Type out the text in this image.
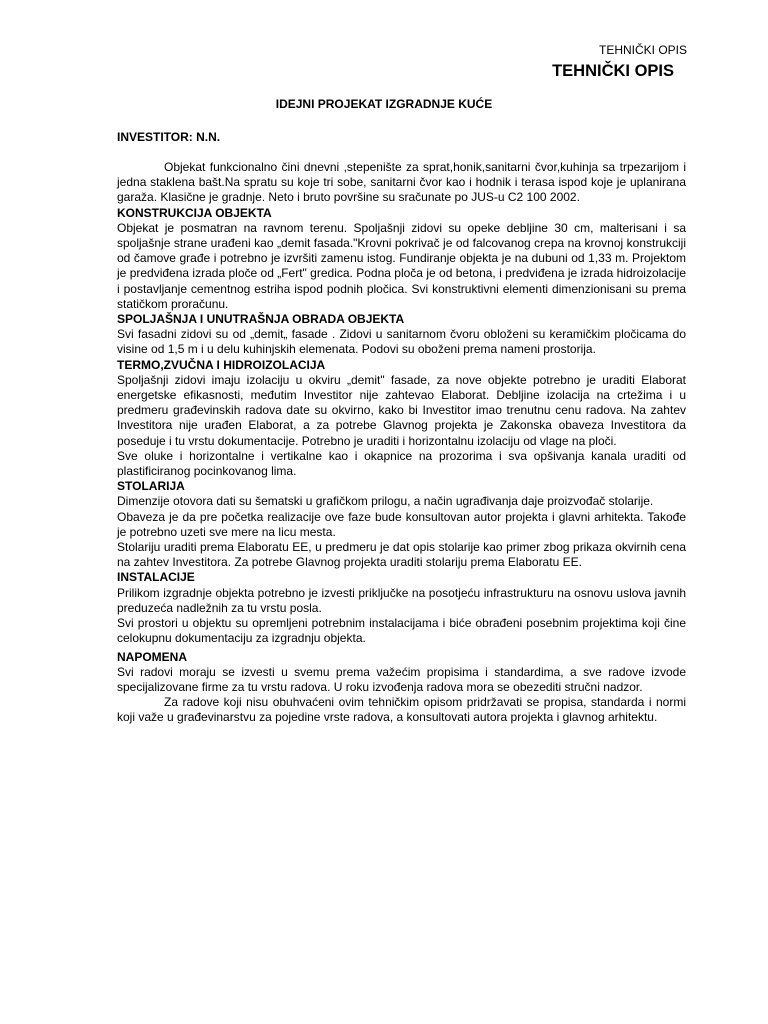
TEHNIČKI OPIS
TEHNIČKI OPIS
IDEJNI PROJEKAT IZGRADNJE KUĆE
INVESTITOR: N.N.

Objekat funkcionalno čini dnevni ,stepenište za sprat,honik,sanitarni čvor,kuhinja sa trpezarijom i jedna staklena bašt.Na spratu su koje tri sobe, sanitarni čvor kao i hodnik i terasa ispod koje je uplanirana garaža. Klasične je gradnje. Neto i bruto površine su sračunate po JUS-u C2 100 2002.

KONSTRUKCIJA OBJEKTA

Objekat je posmatran na ravnom terenu. Spoljašnji zidovi su opeke debljine 30 cm, malterisani i sa spoljašnje strane urađeni kao „demit fasada."Krovni pokrivač je od falcovanog crepa na krovnoj konstrukciji od čamove građe i potrebno je izvršiti zamenu istog. Fundiranje objekta je na dubuni od 1,33 m. Projektom je predviđena izrada ploče od „Fert" gredica. Podna ploča je od betona, i predviđena je izrada hidroizolacije i postavljanje cementnog estriha ispod podnih pločica. Svi konstruktivni elementi dimenzionisani su prema statičkom proračunu.

SPOLJAŠNJA I UNUTRAŠNJA OBRADA OBJEKTA

Svi fasadni zidovi su od „demit„ fasade . Zidovi u sanitarnom čvoru obloženi su keramičkim pločicama do visine od 1,5 m i u delu kuhinjskih elemenata. Podovi su oboženi prema nameni prostorija.

TERMO,ZVUČNA I HIDROIZOLACIJA

Spoljašnji zidovi imaju izolaciju u okviru „demit" fasade, za nove objekte potrebno je uraditi Elaborat energetske efikasnosti, međutim Investitor nije zahtevao Elaborat. Debljine izolacija na crtežima i u predmeru građevinskih radova date su okvirno, kako bi Investitor imao trenutnu cenu radova. Na zahtev Investitora nije urađen Elaborat, a za potrebe Glavnog projekta je Zakonska obaveza Investitora da poseduje i tu vrstu dokumentacije. Potrebno je uraditi i horizontalnu izolaciju od vlage na ploči.

Sve oluke i horizontalne i vertikalne kao i okapnice na prozorima i sva opšivanja kanala uraditi od plastificiranog pocinkovanog lima.

STOLARIJA

Dimenzije otovora dati su šematski u grafičkom prilogu, a način ugrađivanja daje proizvođač stolarije.

Obaveza je da pre početka realizacije ove faze bude konsultovan autor projekta i glavni arhitekta. Takođe je potrebno uzeti sve mere na licu mesta.

Stolariju uraditi prema Elaboratu EE, u predmeru je dat opis stolarije kao primer zbog prikaza okvirnih cena na zahtev Investitora. Za potrebe Glavnog projekta uraditi stolariju prema Elaboratu EE.

INSTALACIJE

Prilikom izgradnje objekta potrebno je izvesti priključke na posotjeću infrastrukturu na osnovu uslova javnih preduzeća nadležnih za tu vrstu posla.

Svi prostori u objektu su opremljeni potrebnim instalacijama i biće obrađeni posebnim projektima koji čine celokupnu dokumentaciju za izgradnju objekta.

NAPOMENA

Svi radovi moraju se izvesti u svemu prema važećim propisima i standardima, a sve radove izvode specijalizovane firme za tu vrstu radova. U roku izvođenja radova mora se obezediti stručni nadzor.

Za radove koji nisu obuhvaćeni ovim tehničkim opisom pridržavati se propisa, standarda i normi koji važe u građevinarstvu za pojedine vrste radova, a konsultovati autora projekta i glavnog arhitektu.
